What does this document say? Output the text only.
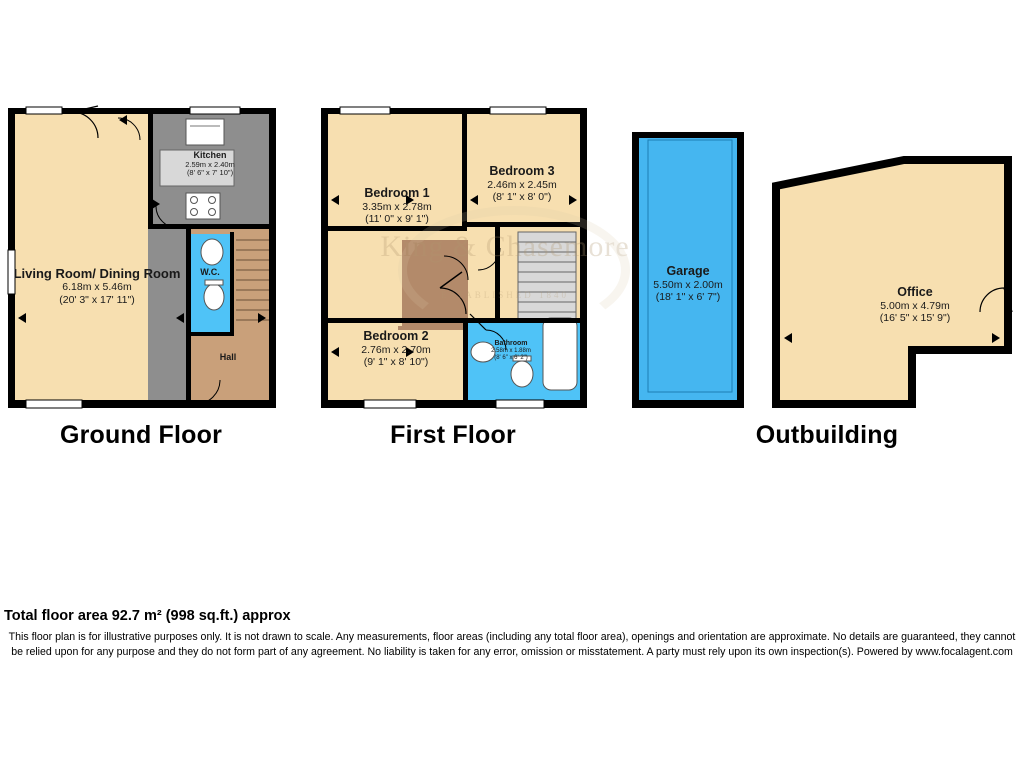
King & Chasemore
ESTABLISHED 1840
Kitchen
2.59m x 2.40m
(8' 6" x 7' 10")
Living Room/ Dining Room
6.18m x 5.46m
(20' 3" x 17' 11")
W.C.
Hall
Bedroom 1
3.35m x 2.78m
(11' 0" x 9' 1")
Bedroom 3
2.46m x 2.45m
(8' 1" x 8' 0")
Bedroom 2
2.76m x 2.70m
(9' 1" x 8' 10")
Bathroom
2.58m x 1.88m
(8' 6" x 6' 2")
Garage
5.50m x 2.00m
(18' 1" x 6' 7")	Office
5.00m x 4.79m
(16' 5" x 15' 9")
Ground Floor	First Floor	Outbuilding
Total floor area 92.7 m² (998 sq.ft.) approx
This floor plan is for illustrative purposes only. It is not drawn to scale. Any measurements, floor areas (including any total floor area), openings and orientation are approximate. No details are guaranteed, they cannot be relied upon for any purpose and they do not form part of any agreement. No liability is taken for any error, omission or misstatement. A party must rely upon its own inspection(s). Powered by www.focalagent.com
